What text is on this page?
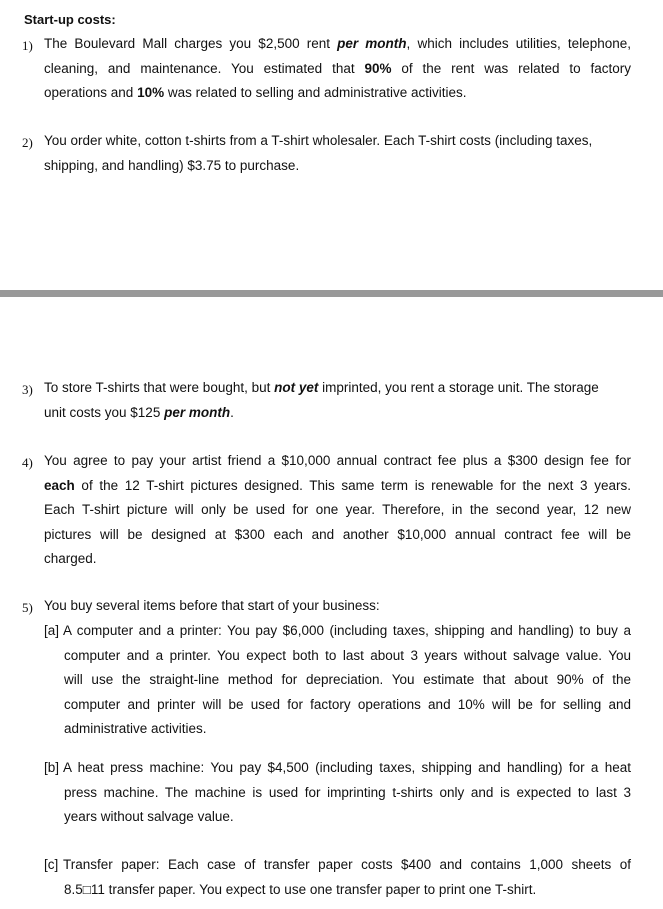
Start-up costs:
1) The Boulevard Mall charges you $2,500 rent per month, which includes utilities, telephone,
cleaning, and maintenance. You estimated that 90% of the rent was related to factory
operations and 10% was related to selling and administrative activities.
2) You order white, cotton t-shirts from a T-shirt wholesaler. Each T-shirt costs (including taxes,
shipping, and handling) $3.75 to purchase.
3) To store T-shirts that were bought, but not yet imprinted, you rent a storage unit. The storage
unit costs you $125 per month.
4) You agree to pay your artist friend a $10,000 annual contract fee plus a $300 design fee for
each of the 12 T-shirt pictures designed. This same term is renewable for the next 3 years.
Each T-shirt picture will only be used for one year. Therefore, in the second year, 12 new
pictures will be designed at $300 each and another $10,000 annual contract fee will be
charged.
5) You buy several items before that start of your business:
[a] A computer and a printer: You pay $6,000 (including taxes, shipping and handling) to buy a
computer and a printer. You expect both to last about 3 years without salvage value. You
will use the straight-line method for depreciation. You estimate that about 90% of the
computer and printer will be used for factory operations and 10% will be for selling and
administrative activities.
[b] A heat press machine: You pay $4,500 (including taxes, shipping and handling) for a heat
press machine. The machine is used for imprinting t-shirts only and is expected to last 3
years without salvage value.
[c] Transfer paper: Each case of transfer paper costs $400 and contains 1,000 sheets of
8.5□11 transfer paper. You expect to use one transfer paper to print one T-shirt.
